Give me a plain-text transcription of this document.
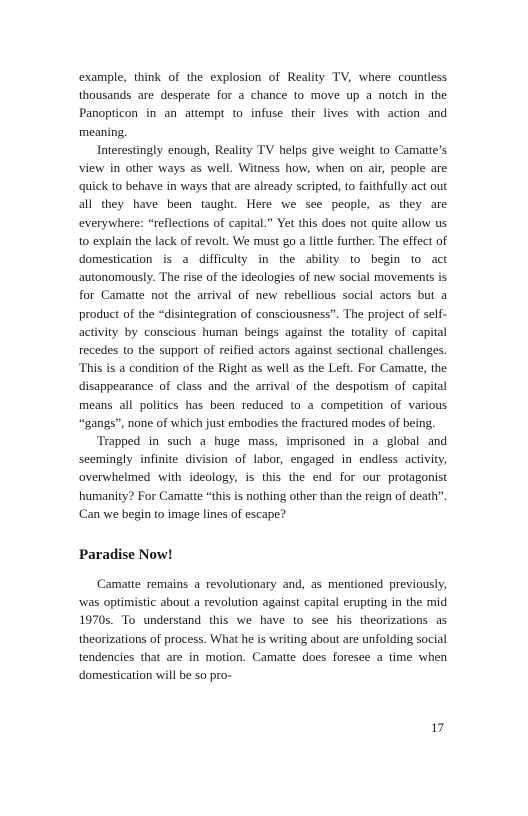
example, think of the explosion of Reality TV, where countless thousands are desperate for a chance to move up a notch in the Panopticon in an attempt to infuse their lives with action and meaning.

Interestingly enough, Reality TV helps give weight to Camatte’s view in other ways as well. Witness how, when on air, people are quick to behave in ways that are already scripted, to faithfully act out all they have been taught. Here we see people, as they are everywhere: “reflections of capital.” Yet this does not quite allow us to explain the lack of revolt. We must go a little further. The effect of domestication is a difficulty in the ability to begin to act autonomously. The rise of the ideologies of new social movements is for Camatte not the arrival of new rebellious social actors but a product of the “disintegration of consciousness”. The project of self-activity by conscious human beings against the totality of capital recedes to the support of reified actors against sectional challenges. This is a condition of the Right as well as the Left. For Camatte, the disappearance of class and the arrival of the despotism of capital means all politics has been reduced to a competition of various “gangs”, none of which just embodies the fractured modes of being.

Trapped in such a huge mass, imprisoned in a global and seemingly infinite division of labor, engaged in endless activity, overwhelmed with ideology, is this the end for our protagonist humanity? For Camatte “this is nothing other than the reign of death”. Can we begin to image lines of escape?

Paradise Now!

Camatte remains a revolutionary and, as mentioned previously, was optimistic about a revolution against capital erupting in the mid 1970s. To understand this we have to see his theorizations as theorizations of process. What he is writing about are unfolding social tendencies that are in motion. Camatte does foresee a time when domestication will be so pro-

17
